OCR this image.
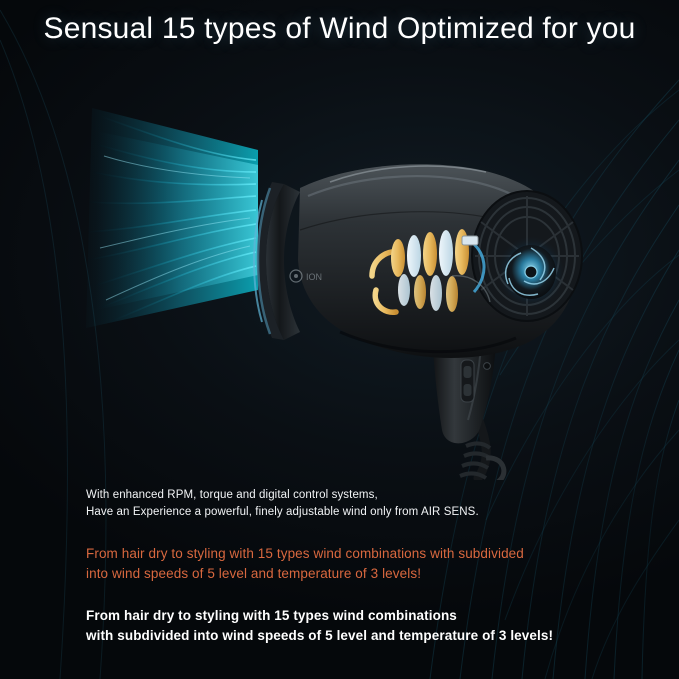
Sensual 15 types of Wind Optimized for you
ION

With enhanced RPM, torque and digital control systems,

Have an Experience a powerful, finely adjustable wind only from AIR SENS.

From hair dry to styling with 15 types wind combinations with subdivided

into wind speeds of 5 level and temperature of 3 levels!

From hair dry to styling with 15 types wind combinations

with subdivided into wind speeds of 5 level and temperature of 3 levels!
